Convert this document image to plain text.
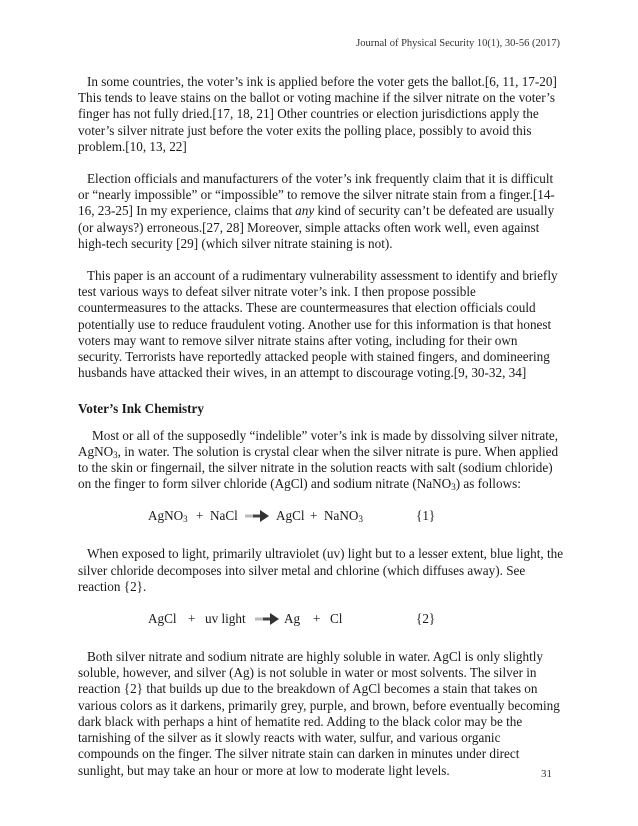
Journal of Physical Security 10(1), 30-56 (2017)

In some countries, the voter’s ink is applied before the voter gets the ballot.[6, 11, 17-20] This tends to leave stains on the ballot or voting machine if the silver nitrate on the voter’s finger has not fully dried.[17, 18, 21] Other countries or election jurisdictions apply the voter’s silver nitrate just before the voter exits the polling place, possibly to avoid this problem.[10, 13, 22]

Election officials and manufacturers of the voter’s ink frequently claim that it is difficult or “nearly impossible” or “impossible” to remove the silver nitrate stain from a finger.[14-16, 23-25] In my experience, claims that any kind of security can’t be defeated are usually (or always?) erroneous.[27, 28] Moreover, simple attacks often work well, even against high-tech security [29] (which silver nitrate staining is not).

This paper is an account of a rudimentary vulnerability assessment to identify and briefly test various ways to defeat silver nitrate voter’s ink. I then propose possible countermeasures to the attacks. These are countermeasures that election officials could potentially use to reduce fraudulent voting. Another use for this information is that honest voters may want to remove silver nitrate stains after voting, including for their own security. Terrorists have reportedly attacked people with stained fingers, and domineering husbands have attacked their wives, in an attempt to discourage voting.[9, 30-32, 34]

Voter’s Ink Chemistry

Most or all of the supposedly “indelible” voter’s ink is made by dissolving silver nitrate, AgNO$_3$, in water. The solution is crystal clear when the silver nitrate is pure. When applied to the skin or fingernail, the silver nitrate in the solution reacts with salt (sodium chloride) on the finger to form silver chloride (AgCl) and sodium nitrate (NaNO$_3$) as follows:

AgNO$_3$ + NaCl	AgCl + NaNO$_3$	{1}

When exposed to light, primarily ultraviolet (uv) light but to a lesser extent, blue light, the silver chloride decomposes into silver metal and chlorine (which diffuses away). See reaction {2}.

AgCl + uv light	Ag + Cl	{2}

Both silver nitrate and sodium nitrate are highly soluble in water. AgCl is only slightly soluble, however, and silver (Ag) is not soluble in water or most solvents. The silver in reaction {2} that builds up due to the breakdown of AgCl becomes a stain that takes on various colors as it darkens, primarily grey, purple, and brown, before eventually becoming dark black with perhaps a hint of hematite red. Adding to the black color may be the tarnishing of the silver as it slowly reacts with water, sulfur, and various organic compounds on the finger. The silver nitrate stain can darken in minutes under direct sunlight, but may take an hour or more at low to moderate light levels.	31
